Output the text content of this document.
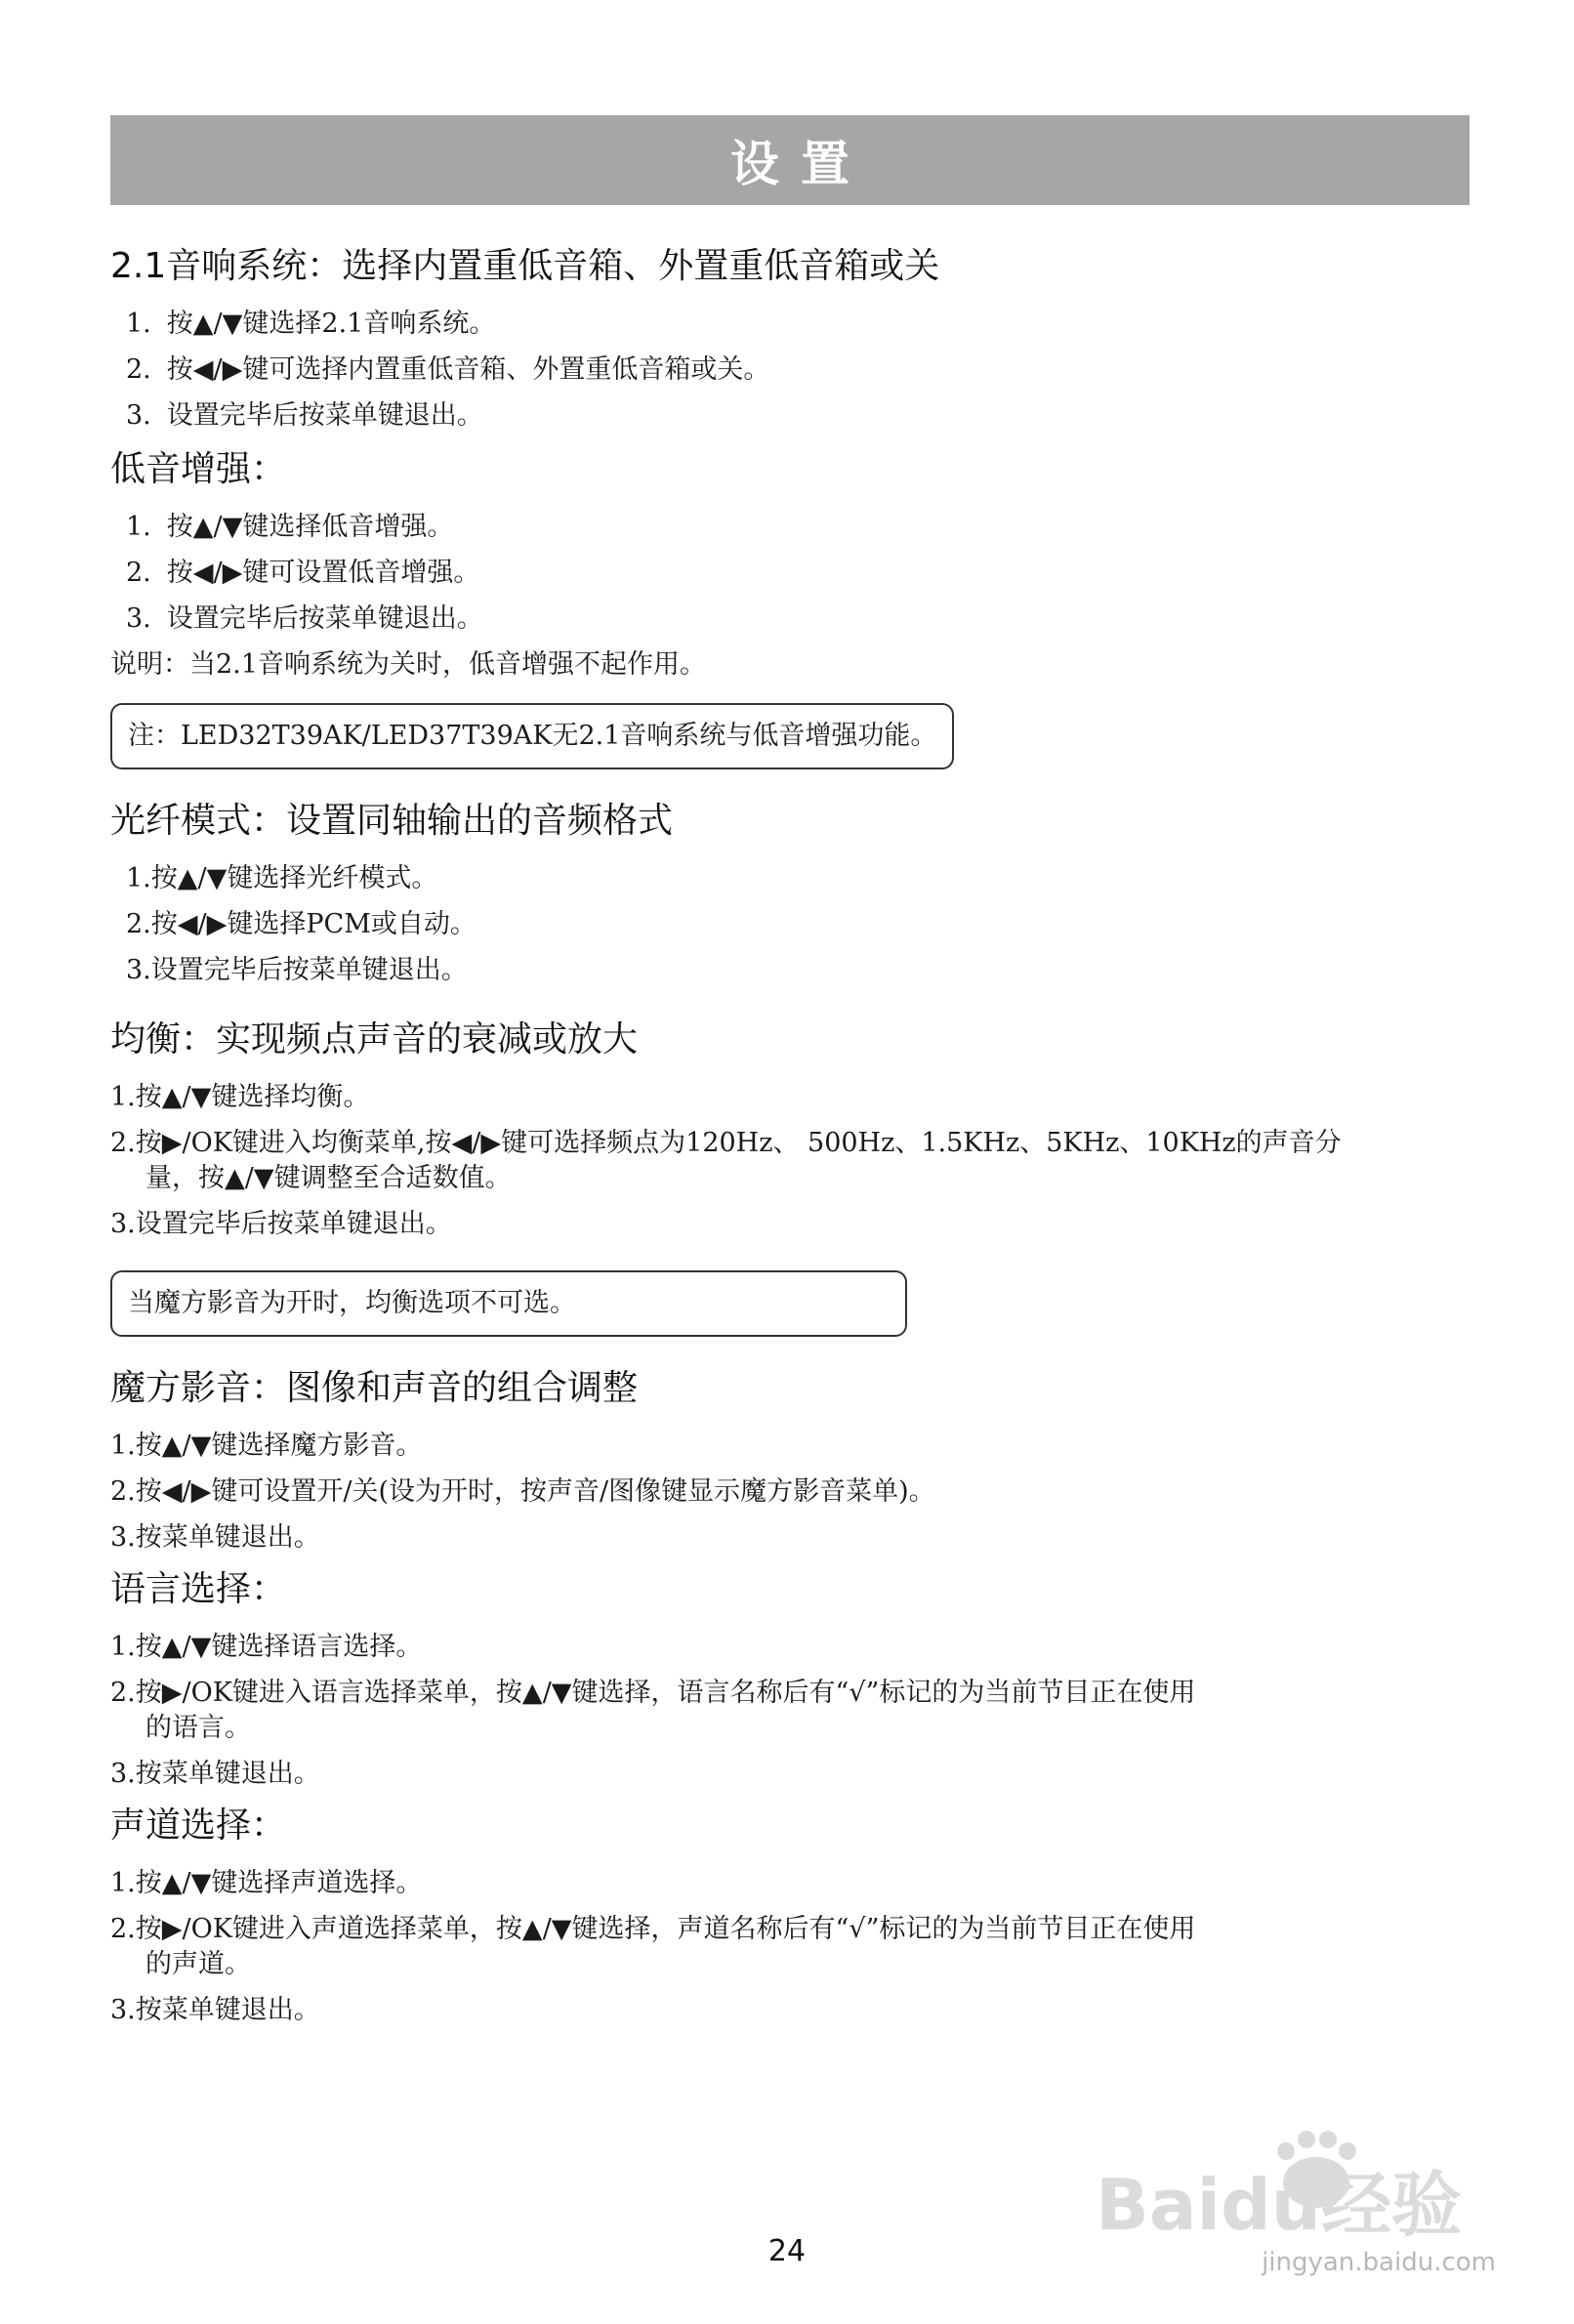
设置
2.1音响系统：选择内置重低音箱、外置重低音箱或关
1. 按▲/▼键选择2.1音响系统。
2. 按◀/▶键可选择内置重低音箱、外置重低音箱或关。
3. 设置完毕后按菜单键退出。
低音增强：
1. 按▲/▼键选择低音增强。
2. 按◀/▶键可设置低音增强。
3. 设置完毕后按菜单键退出。
说明：当2.1音响系统为关时，低音增强不起作用。
注：LED32T39AK/LED37T39AK无2.1音响系统与低音增强功能。
光纤模式：设置同轴输出的音频格式
1.按▲/▼键选择光纤模式。
2.按◀/▶键选择PCM或自动。
3.设置完毕后按菜单键退出。
均衡：实现频点声音的衰减或放大
1.按▲/▼键选择均衡。
2.按▶/OK键进入均衡菜单,按◀/▶键可选择频点为120Hz、 500Hz、1.5KHz、5KHz、10KHz的声音分
量，按▲/▼键调整至合适数值。
3.设置完毕后按菜单键退出。
当魔方影音为开时，均衡选项不可选。
魔方影音：图像和声音的组合调整
1.按▲/▼键选择魔方影音。
2.按◀/▶键可设置开/关(设为开时，按声音/图像键显示魔方影音菜单)。
3.按菜单键退出。
语言选择：
1.按▲/▼键选择语言选择。
2.按▶/OK键进入语言选择菜单，按▲/▼键选择，语言名称后有“√”标记的为当前节目正在使用
的语言。
3.按菜单键退出。
声道选择：
1.按▲/▼键选择声道选择。
2.按▶/OK键进入声道选择菜单，按▲/▼键选择，声道名称后有“√”标记的为当前节目正在使用
的声道。
3.按菜单键退出。
24
Baidu经验
jingyan.baidu.com
